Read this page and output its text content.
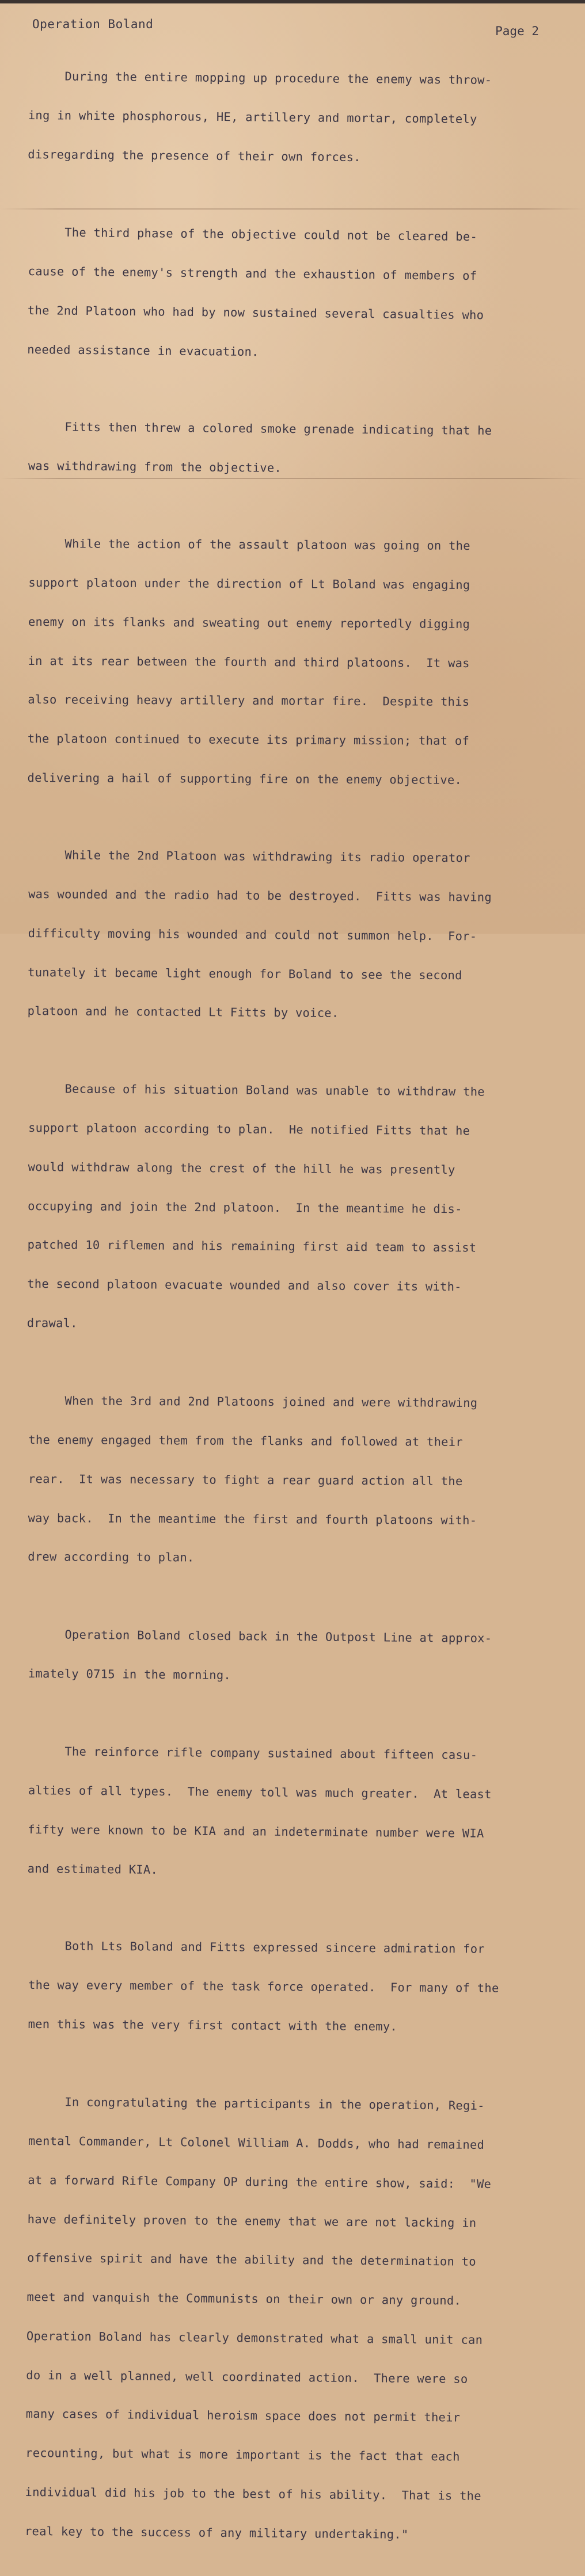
Operation Boland	Page 2

During the entire mopping up procedure the enemy was throw-

ing in white phosphorous, HE, artillery and mortar, completely

disregarding the presence of their own forces.

The third phase of the objective could not be cleared be-

cause of the enemy's strength and the exhaustion of members of

the 2nd Platoon who had by now sustained several casualties who

needed assistance in evacuation.

Fitts then threw a colored smoke grenade indicating that he

was withdrawing from the objective.

While the action of the assault platoon was going on the

support platoon under the direction of Lt Boland was engaging

enemy on its flanks and sweating out enemy reportedly digging

in at its rear between the fourth and third platoons.  It was

also receiving heavy artillery and mortar fire.  Despite this

the platoon continued to execute its primary mission; that of

delivering a hail of supporting fire on the enemy objective.

While the 2nd Platoon was withdrawing its radio operator

was wounded and the radio had to be destroyed.  Fitts was having

difficulty moving his wounded and could not summon help.  For-

tunately it became light enough for Boland to see the second

platoon and he contacted Lt Fitts by voice.

Because of his situation Boland was unable to withdraw the

support platoon according to plan.  He notified Fitts that he

would withdraw along the crest of the hill he was presently

occupying and join the 2nd platoon.  In the meantime he dis-

patched 10 riflemen and his remaining first aid team to assist

the second platoon evacuate wounded and also cover its with-

drawal.

When the 3rd and 2nd Platoons joined and were withdrawing

the enemy engaged them from the flanks and followed at their

rear.  It was necessary to fight a rear guard action all the

way back.  In the meantime the first and fourth platoons with-

drew according to plan.

Operation Boland closed back in the Outpost Line at approx-

imately 0715 in the morning.

The reinforce rifle company sustained about fifteen casu-

alties of all types.  The enemy toll was much greater.  At least

fifty were known to be KIA and an indeterminate number were WIA

and estimated KIA.

Both Lts Boland and Fitts expressed sincere admiration for

the way every member of the task force operated.  For many of the

men this was the very first contact with the enemy.

In congratulating the participants in the operation, Regi-

mental Commander, Lt Colonel William A. Dodds, who had remained

at a forward Rifle Company OP during the entire show, said:  "We

have definitely proven to the enemy that we are not lacking in

offensive spirit and have the ability and the determination to

meet and vanquish the Communists on their own or any ground.

Operation Boland has clearly demonstrated what a small unit can

do in a well planned, well coordinated action.  There were so

many cases of individual heroism space does not permit their

recounting, but what is more important is the fact that each

individual did his job to the best of his ability.  That is the

real key to the success of any military undertaking."
